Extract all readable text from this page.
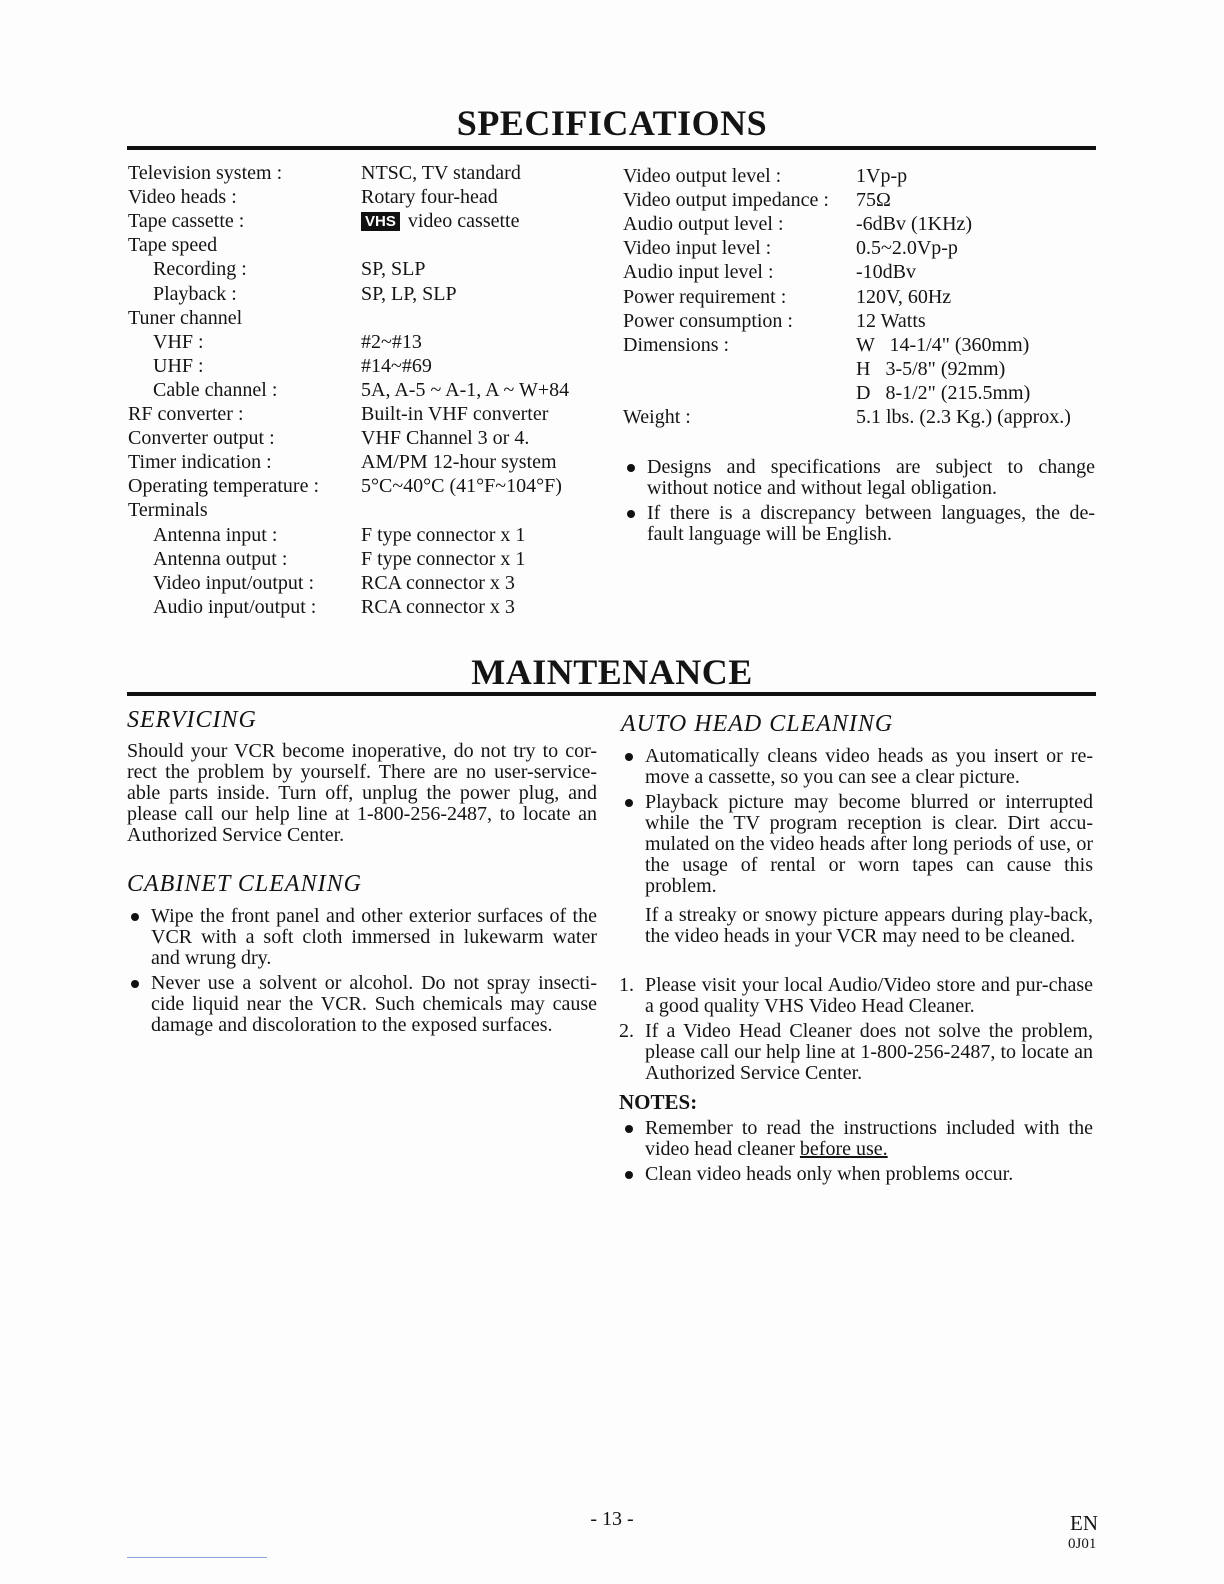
SPECIFICATIONS
Television system :	NTSC, TV standard
Video heads :	Rotary four-head
Tape cassette :	VHS video cassette
Tape speed
Recording :	SP, SLP
Playback :	SP, LP, SLP
Tuner channel
VHF :	#2~#13
UHF :	#14~#69
Cable channel :	5A, A-5 ~ A-1, A ~ W+84
RF converter :	Built-in VHF converter
Converter output :	VHF Channel 3 or 4.
Timer indication :	AM/PM 12-hour system
Operating temperature : 5°C~40°C (41°F~104°F)
Terminals
Antenna input :	F type connector x 1
Antenna output :	F type connector x 1
Video input/output : RCA connector x 3
Audio input/output : RCA connector x 3
Video output level :	1Vp-p
Video output impedance : 75Ω
Audio output level :	-6dBv (1KHz)
Video input level :	0.5~2.0Vp-p
Audio input level :	-10dBv
Power requirement :	120V, 60Hz
Power consumption :	12 Watts
Dimensions :	W   14-1/4" (360mm)
H   3-5/8" (92mm)
D   8-1/2" (215.5mm)
Weight :	5.1 lbs. (2.3 Kg.) (approx.)
Designs and specifications are subject to change without notice and without legal obligation.
If there is a discrepancy between languages, the de-fault language will be English.
MAINTENANCE
SERVICING
Should your VCR become inoperative, do not try to cor-rect the problem by yourself. There are no user-service-able parts inside. Turn off, unplug the power plug, and please call our help line at 1-800-256-2487, to locate an Authorized Service Center.
CABINET CLEANING
Wipe the front panel and other exterior surfaces of the VCR with a soft cloth immersed in lukewarm water and wrung dry.
Never use a solvent or alcohol. Do not spray insecti-cide liquid near the VCR. Such chemicals may cause damage and discoloration to the exposed surfaces.
AUTO HEAD CLEANING
Automatically cleans video heads as you insert or re-move a cassette, so you can see a clear picture.
Playback picture may become blurred or interrupted while the TV program reception is clear. Dirt accu-mulated on the video heads after long periods of use, or the usage of rental or worn tapes can cause this problem.
If a streaky or snowy picture appears during play-back, the video heads in your VCR may need to be cleaned.
1. Please visit your local Audio/Video store and pur-chase a good quality VHS Video Head Cleaner.
2. If a Video Head Cleaner does not solve the problem, please call our help line at 1-800-256-2487, to locate an Authorized Service Center.
NOTES:
Remember to read the instructions included with the video head cleaner before use.
Clean video heads only when problems occur.
- 13 -	EN
0J01
